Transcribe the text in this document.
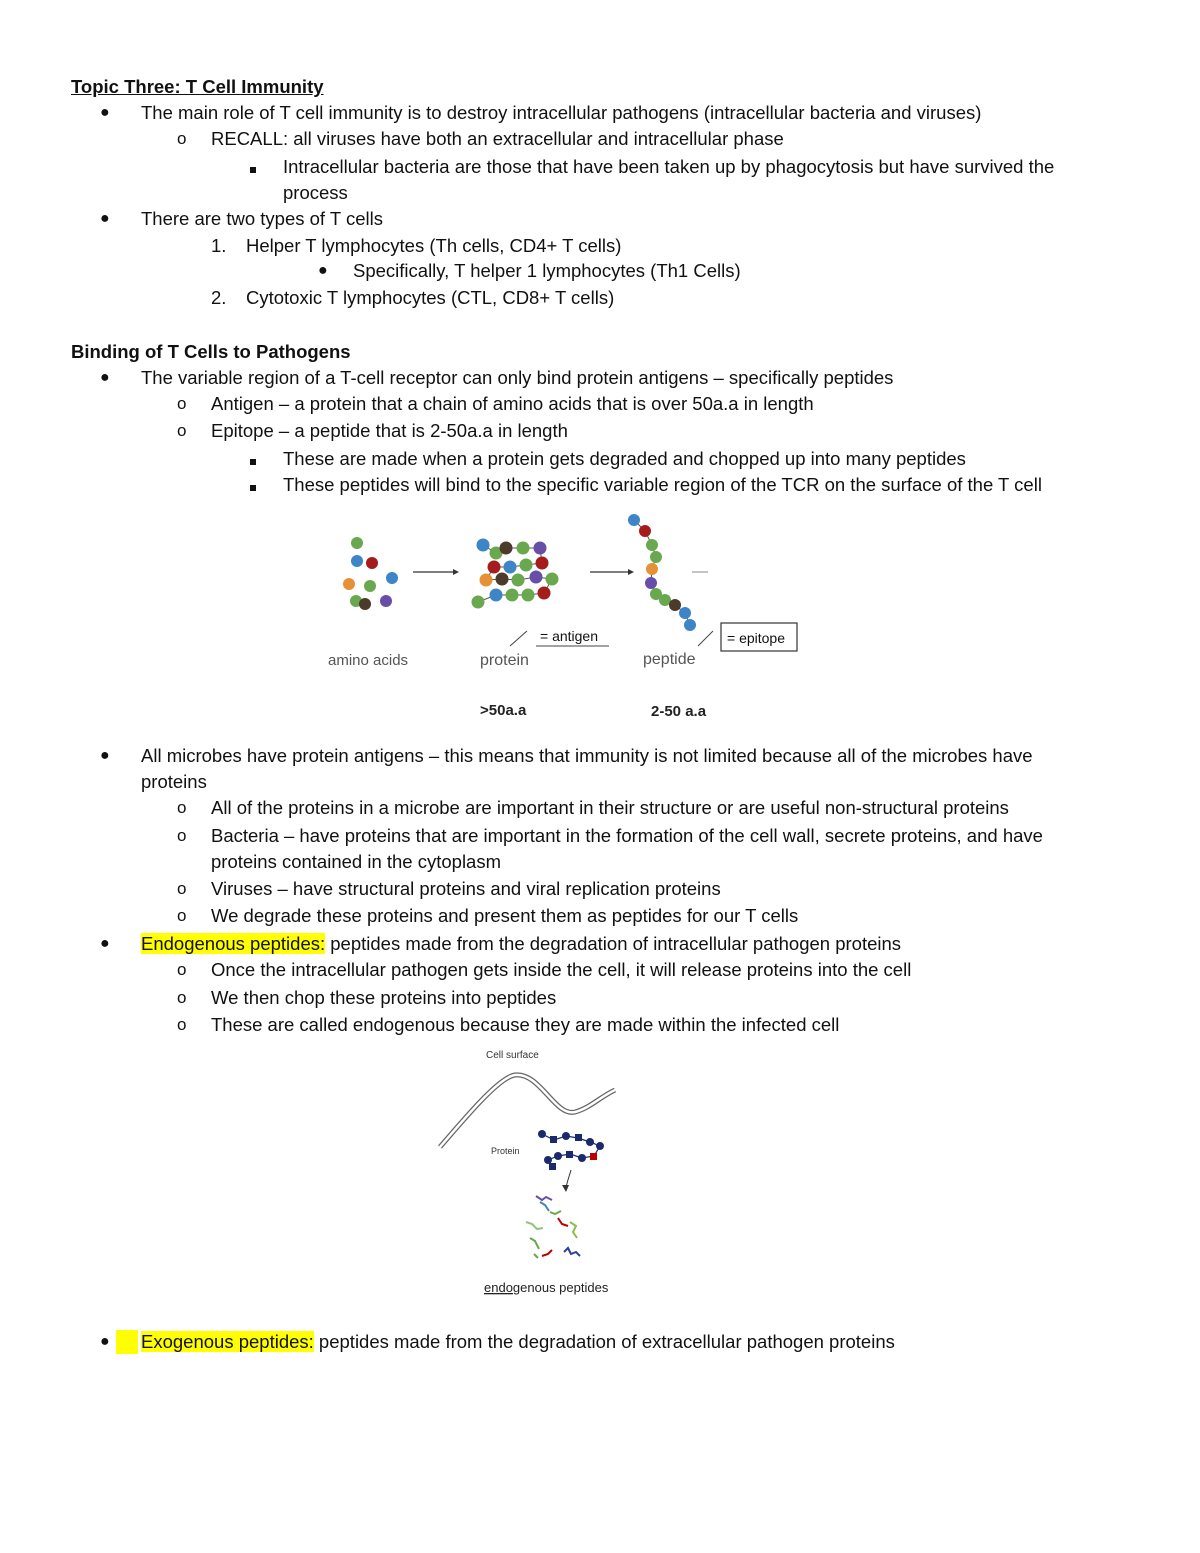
Topic Three: T Cell Immunity
● The main role of T cell immunity is to destroy intracellular pathogens (intracellular bacteria and viruses)
o RECALL: all viruses have both an extracellular and intracellular phase
Intracellular bacteria are those that have been taken up by phagocytosis but have survived the
process
● There are two types of T cells
1. Helper T lymphocytes (Th cells, CD4+ T cells)
● Specifically, T helper 1 lymphocytes (Th1 Cells)
2. Cytotoxic T lymphocytes (CTL, CD8+ T cells)
Binding of T Cells to Pathogens
● The variable region of a T-cell receptor can only bind protein antigens – specifically peptides
o Antigen – a protein that a chain of amino acids that is over 50a.a in length
o Epitope – a peptide that is 2-50a.a in length
These are made when a protein gets degraded and chopped up into many peptides
These peptides will bind to the specific variable region of the TCR on the surface of the T cell
= antigen	= epitope
amino acids	protein	peptide
>50a.a	2-50 a.a
● All microbes have protein antigens – this means that immunity is not limited because all of the microbes have
proteins
o All of the proteins in a microbe are important in their structure or are useful non-structural proteins
o Bacteria – have proteins that are important in the formation of the cell wall, secrete proteins, and have
proteins contained in the cytoplasm
o Viruses – have structural proteins and viral replication proteins
o We degrade these proteins and present them as peptides for our T cells
● Endogenous peptides: peptides made from the degradation of intracellular pathogen proteins
o Once the intracellular pathogen gets inside the cell, it will release proteins into the cell
o We then chop these proteins into peptides
o These are called endogenous because they are made within the infected cell
Cell surface
Protein
endogenous peptides
● Exogenous peptides: peptides made from the degradation of extracellular pathogen proteins
